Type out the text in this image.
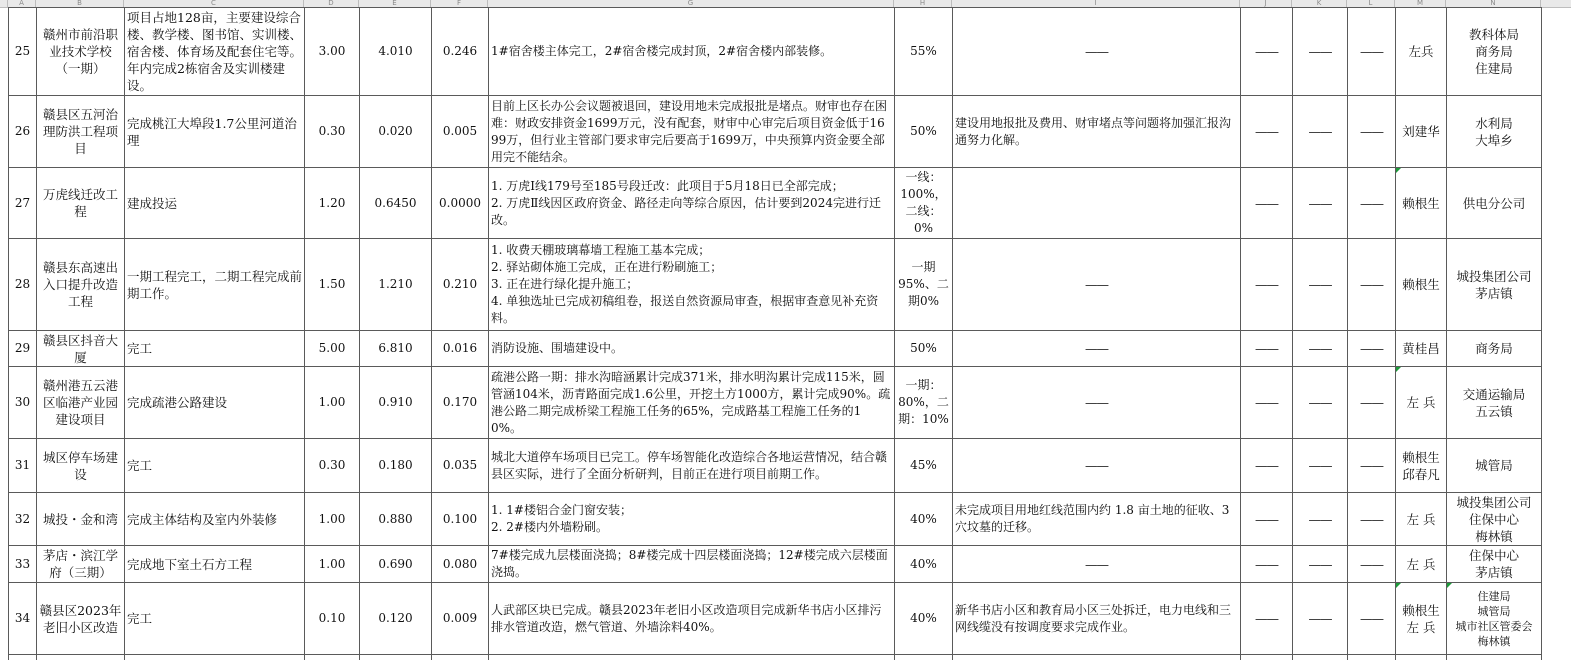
A	B	C	D	E	F	G	H	I	J	K	L	M	N
25	赣州市前沿职业技术学校（一期）	项目占地128亩，主要建设综合楼、教学楼、图书馆、实训楼、宿舍楼、体育场及配套住宅等。年内完成2栋宿舍及实训楼建设。	3.00	4.010	0.246	1#宿舍楼主体完工，2#宿舍楼完成封顶，2#宿舍楼内部装修。	55%	——	——	——	——	左兵	教科体局
商务局
住建局

26	赣县区五河治理防洪工程项目	完成桃江大埠段1.7公里河道治理	0.30	0.020	0.005	目前上区长办公会议题被退回，建设用地未完成报批是堵点。财审也存在困难：财政安排资金1699万元，没有配套，财审中心审完后项目资金低于1699万，但行业主管部门要求审完后要高于1699万，中央预算内资金要全部用完不能结余。	50%	建设用地报批及费用、财审堵点等问题将加强汇报沟通努力化解。	——	——	——	刘建华	水利局
大埠乡

27	万虎线迁改工程	建成投运	1.20	0.6450	0.0000	1. 万虎Ⅰ线179号至185号段迁改：此项目于5月18日已全部完成；
2. 万虎Ⅱ线因区政府资金、路径走向等综合原因，估计要到2024完进行迁改。	一线：
100%，
二线：
0%		——	——	——	赖根生	供电分公司

28	赣县东高速出入口提升改造工程	一期工程完工，二期工程完成前期工作。	1.50	1.210	0.210	1. 收费天棚玻璃幕墙工程施工基本完成；
2. 驿站砌体施工完成，正在进行粉刷施工；
3. 正在进行绿化提升施工；
4. 单独选址已完成初稿组卷，报送自然资源局审查，根据审查意见补充资料。	一期
95%、二
期0%	——	——	——	——	赖根生	城投集团公司
茅店镇

29	赣县区抖音大厦	完工	5.00	6.810	0.016	消防设施、围墙建设中。	50%	——	——	——	——	黄桂昌	商务局

30	赣州港五云港区临港产业园建设项目	完成疏港公路建设	1.00	0.910	0.170	疏港公路一期：排水沟暗涵累计完成371米，排水明沟累计完成115米，圆管涵104米，沥青路面完成1.6公里，开挖土方1000方，累计完成90%。疏港公路二期完成桥梁工程施工任务的65%，完成路基工程施工任务的10%。	一期：
80%，二
期：10%	——	——	——	——	左 兵	交通运输局
五云镇

31	城区停车场建设	完工	0.30	0.180	0.035	城北大道停车场项目已完工。停车场智能化改造综合各地运营情况，结合赣县区实际，进行了全面分析研判，目前正在进行项目前期工作。	45%	——	——	——	——	赖根生
邱春凡	城管局

32	城投・金和湾	完成主体结构及室内外装修	1.00	0.880	0.100	1. 1#楼铝合金门窗安装；
2. 2#楼内外墙粉刷。	40%	未完成项目用地红线范围内约 1.8 亩土地的征收、3 穴坟墓的迁移。	——	——	——	左 兵	城投集团公司
住保中心
梅林镇

33	茅店・滨江学府（三期）	完成地下室土石方工程	1.00	0.690	0.080	7#楼完成九层楼面浇捣；8#楼完成十四层楼面浇捣；12#楼完成六层楼面浇捣。	40%	——	——	——	——	左 兵	住保中心
茅店镇

34	赣县区2023年老旧小区改造	完工	0.10	0.120	0.009	人武部区块已完成。赣县2023年老旧小区改造项目完成新华书店小区排污排水管道改造，燃气管道、外墙涂料40%。	40%	新华书店小区和教育局小区三处拆迁，电力电线和三网线缆没有按调度要求完成作业。	——	——	——	赖根生
左 兵	住建局
城管局
城市社区管委会
梅林镇
